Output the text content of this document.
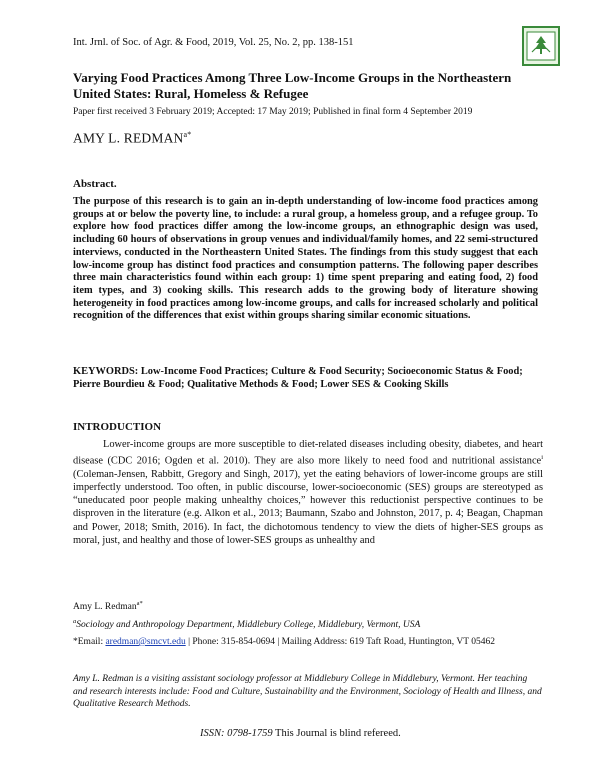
Int. Jrnl. of Soc. of Agr. & Food, 2019, Vol. 25, No. 2, pp. 138-151
Varying Food Practices Among Three Low-Income Groups in the Northeastern United States: Rural, Homeless & Refugee
Paper first received 3 February 2019; Accepted: 17 May 2019; Published in final form 4 September 2019
AMY L. $REDMAN^{a*}$
Abstract.
The purpose of this research is to gain an in-depth understanding of low-income food practices among groups at or below the poverty line, to include: a rural group, a homeless group, and a refugee group. To explore how food practices differ among the low-income groups, an ethnographic design was used, including 60 hours of observations in group venues and individual/family homes, and 22 semi-structured interviews, conducted in the Northeastern United States. The findings from this study suggest that each low-income group has distinct food practices and consumption patterns. The following paper describes three main characteristics found within each group: 1) time spent preparing and eating food, 2) food item types, and 3) cooking skills. This research adds to the growing body of literature showing heterogeneity in food practices among low-income groups, and calls for increased scholarly and political recognition of the differences that exist within groups sharing similar economic situations.
KEYWORDS: Low-Income Food Practices; Culture & Food Security; Socioeconomic Status & Food; Pierre Bourdieu & Food; Qualitative Methods & Food; Lower SES & Cooking Skills
INTRODUCTION
Lower-income groups are more susceptible to diet-related diseases including obesity, diabetes, and heart disease (CDC 2016; Ogden et al. 2010). They are also more likely to need food and nutritional assistance$^i$ (Coleman-Jensen, Rabbitt, Gregory and Singh, 2017), yet the eating behaviors of lower-income groups are still imperfectly understood. Too often, in public discourse, lower-socioeconomic (SES) groups are stereotyped as “uneducated poor people making unhealthy choices,” however this reductionist perspective continues to be disproven in the literature (e.g. Alkon et al., 2013; Baumann, Szabo and Johnston, 2017, p. 4; Beagan, Chapman and Power, 2018; Smith, 2016). In fact, the dichotomous tendency to view the diets of higher-SES groups as moral, just, and healthy and those of lower-SES groups as unhealthy and
Amy L. Redman$^{a*}$
$^a$Sociology and Anthropology Department, Middlebury College, Middlebury, Vermont, USA
*Email: aredman@smcvt.edu | Phone: 315-854-0694 | Mailing Address: 619 Taft Road, Huntington, VT 05462
Amy L. Redman is a visiting assistant sociology professor at Middlebury College in Middlebury, Vermont. Her teaching and research interests include: Food and Culture, Sustainability and the Environment, Sociology of Health and Illness, and Qualitative Research Methods.
ISSN: 0798-1759 This Journal is blind refereed.
